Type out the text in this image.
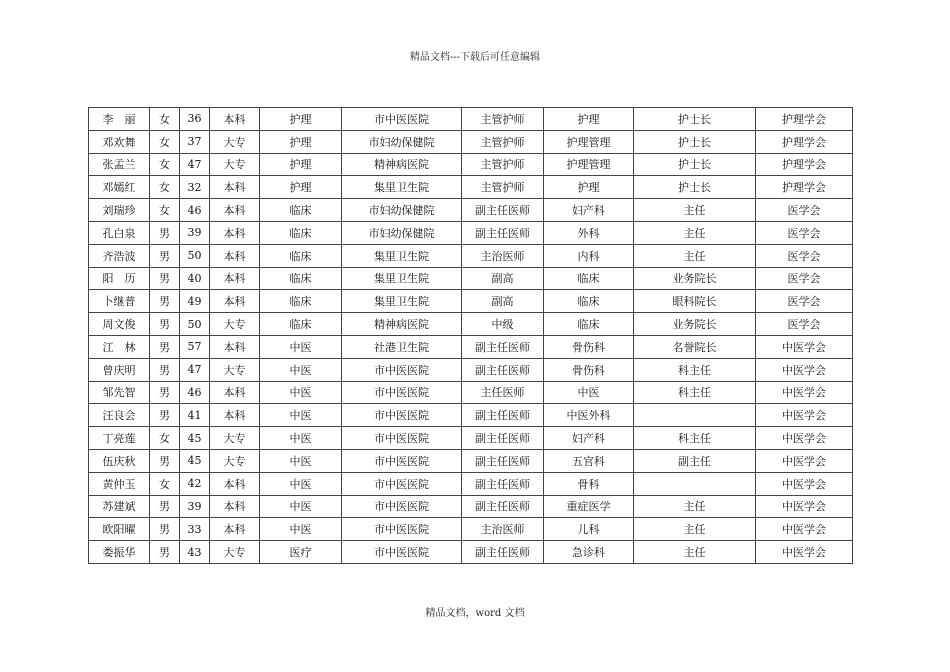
精品文档---下载后可任意编辑
李　丽	女	36	本科	护理	市中医医院	主管护师	护理	护士长	护理学会
邓欢舞	女	37	大专	护理	市妇幼保健院	主管护师	护理管理	护士长	护理学会
张孟兰	女	47	大专	护理	精神病医院	主管护师	护理管理	护士长	护理学会
邓嫣红	女	32	本科	护理	集里卫生院	主管护师	护理	护士长	护理学会
刘瑞珍	女	46	本科	临床	市妇幼保健院	副主任医师	妇产科	主任	医学会
孔白泉	男	39	本科	临床	市妇幼保健院	副主任医师	外科	主任	医学会
齐浩波	男	50	本科	临床	集里卫生院	主治医师	内科	主任	医学会
阳　历	男	40	本科	临床	集里卫生院	副高	临床	业务院长	医学会
卜继普	男	49	本科	临床	集里卫生院	副高	临床	眼科院长	医学会
周文俊	男	50	大专	临床	精神病医院	中级	临床	业务院长	医学会
江　林	男	57	本科	中医	社港卫生院	副主任医师	骨伤科	名誉院长	中医学会
曾庆明	男	47	大专	中医	市中医医院	副主任医师	骨伤科	科主任	中医学会
邹先智	男	46	本科	中医	市中医医院	主任医师	中医	科主任	中医学会
汪良会	男	41	本科	中医	市中医医院	副主任医师	中医外科		中医学会
丁亮莲	女	45	大专	中医	市中医医院	副主任医师	妇产科	科主任	中医学会
伍庆秋	男	45	大专	中医	市中医医院	副主任医师	五官科	副主任	中医学会
黄仲玉	女	42	本科	中医	市中医医院	副主任医师	骨科		中医学会
苏建斌	男	39	本科	中医	市中医医院	副主任医师	重症医学	主任	中医学会
欧阳曜	男	33	本科	中医	市中医医院	主治医师	儿科	主任	中医学会
娄振华	男	43	大专	医疗	市中医医院	副主任医师	急诊科	主任	中医学会
精品文档，word 文档
